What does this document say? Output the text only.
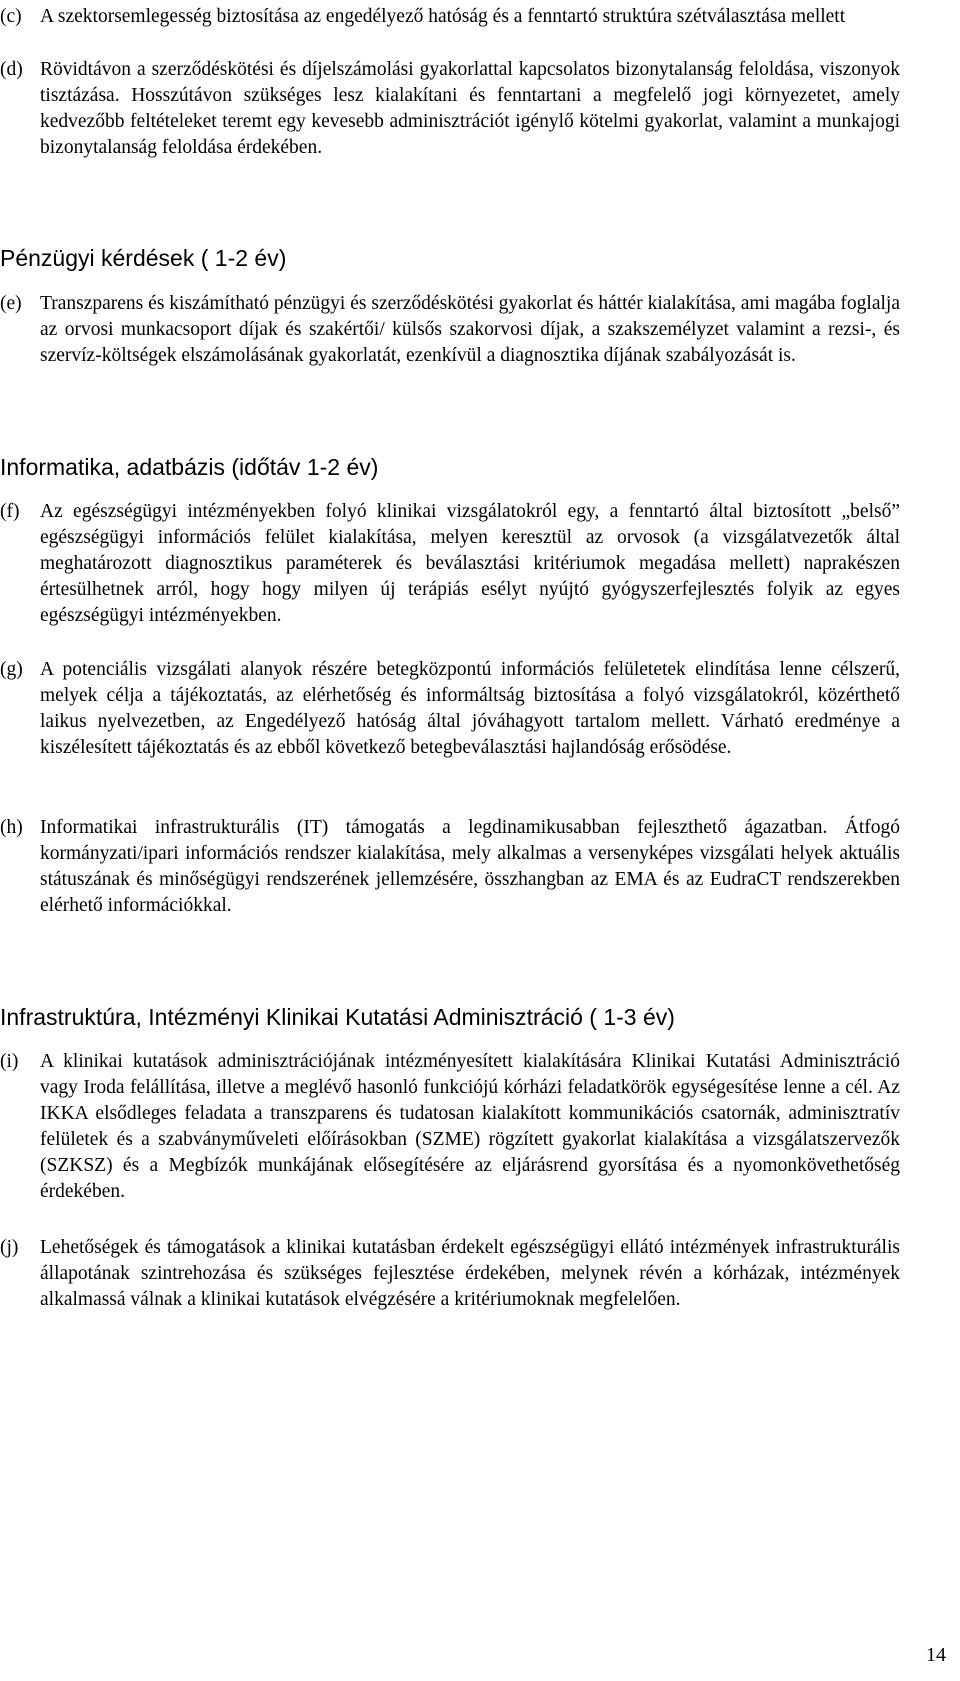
(c) A szektorsemlegesség biztosítása az engedélyező hatóság és a fenntartó struktúra szétválasztása mellett
(d) Rövidtávon a szerződéskötési és díjelszámolási gyakorlattal kapcsolatos bizonytalanság feloldása, viszonyok tisztázása. Hosszútávon szükséges lesz kialakítani és fenntartani a megfelelő jogi környezetet, amely kedvezőbb feltételeket teremt egy kevesebb adminisztrációt igénylő kötelmi gyakorlat, valamint a munkajogi bizonytalanság feloldása érdekében.
Pénzügyi kérdések ( 1-2 év)
(e) Transzparens és kiszámítható pénzügyi és szerződéskötési gyakorlat és háttér kialakítása, ami magába foglalja az orvosi munkacsoport díjak és szakértői/ külsős szakorvosi díjak, a szakszemélyzet valamint a rezsi-, és szervíz-költségek elszámolásának gyakorlatát, ezenkívül a diagnosztika díjának szabályozását is.
Informatika, adatbázis (időtáv 1-2 év)
(f)	Az egészségügyi intézményekben folyó klinikai vizsgálatokról egy, a fenntartó által biztosított „belső” egészségügyi információs felület kialakítása, melyen keresztül az orvosok (a vizsgálatvezetők által meghatározott diagnosztikus paraméterek és beválasztási kritériumok megadása mellett) naprakészen értesülhetnek arról, hogy hogy milyen új terápiás esélyt nyújtó gyógyszerfejlesztés folyik az egyes egészségügyi intézményekben.
(g) A potenciális vizsgálati alanyok részére betegközpontú információs felületetek elindítása lenne célszerű, melyek célja a tájékoztatás, az elérhetőség és informáltság biztosítása a folyó vizsgálatokról, közérthető laikus nyelvezetben, az Engedélyező hatóság által jóváhagyott tartalom mellett. Várható eredménye a kiszélesített tájékoztatás és az ebből következő betegbeválasztási hajlandóság erősödése.
(h) Informatikai infrastrukturális (IT) támogatás a legdinamikusabban fejleszthető ágazatban. Átfogó kormányzati/ipari információs rendszer kialakítása, mely alkalmas a versenyképes vizsgálati helyek aktuális státuszának és minőségügyi rendszerének jellemzésére, összhangban az EMA és az EudraCT rendszerekben elérhető információkkal.
Infrastruktúra, Intézményi Klinikai Kutatási Adminisztráció ( 1-3 év)
(i)	A klinikai kutatások adminisztrációjának intézményesített kialakítására Klinikai Kutatási Adminisztráció vagy Iroda felállítása, illetve a meglévő hasonló funkciójú kórházi feladatkörök egységesítése lenne a cél. Az IKKA elsődleges feladata a transzparens és tudatosan kialakított kommunikációs csatornák, adminisztratív felületek és a szabványműveleti előírásokban (SZME) rögzített gyakorlat kialakítása a vizsgálatszervezők (SZKSZ) és a Megbízók munkájának elősegítésére az eljárásrend gyorsítása és a nyomonkövethetőség érdekében.
(j)	Lehetőségek és támogatások a klinikai kutatásban érdekelt egészségügyi ellátó intézmények infrastrukturális állapotának szintrehozása és szükséges fejlesztése érdekében, melynek révén a kórházak, intézmények alkalmassá válnak a klinikai kutatások elvégzésére a kritériumoknak megfelelően.
14
